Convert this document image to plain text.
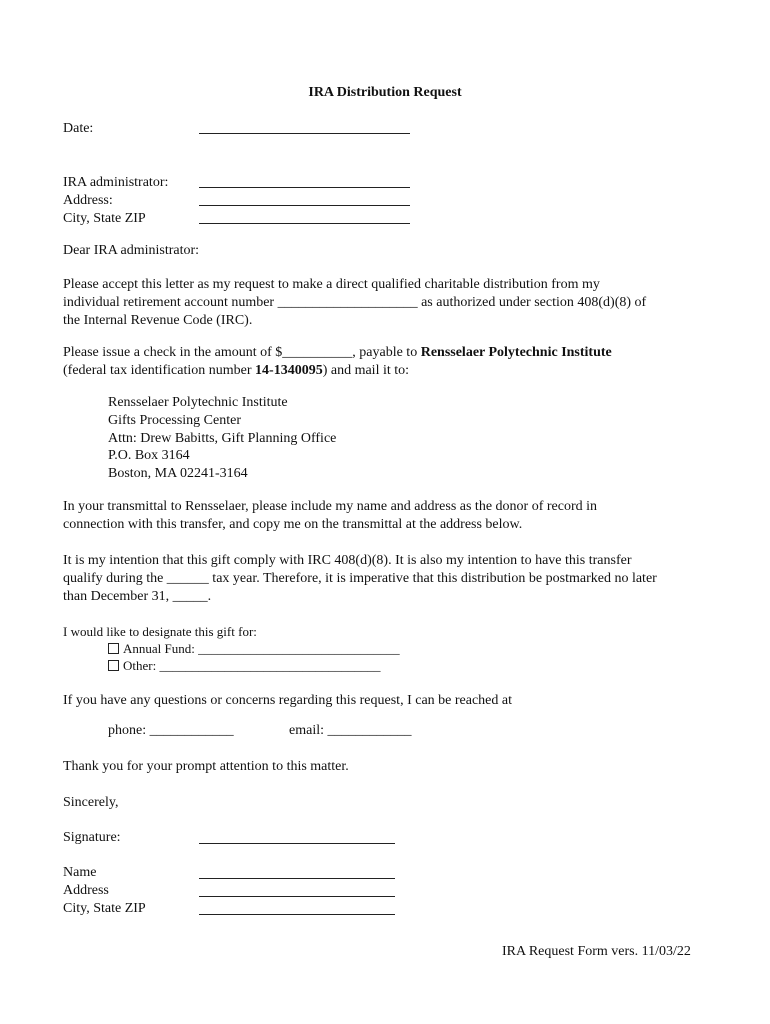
IRA Distribution Request
Date:
IRA administrator:
Address:
City, State ZIP
Dear IRA administrator:
Please accept this letter as my request to make a direct qualified charitable distribution from my
individual retirement account number ____________________ as authorized under section 408(d)(8) of
the Internal Revenue Code (IRC).
Please issue a check in the amount of $__________, payable to Rensselaer Polytechnic Institute
(federal tax identification number 14-1340095) and mail it to:
Rensselaer Polytechnic Institute
Gifts Processing Center
Attn: Drew Babitts, Gift Planning Office
P.O. Box 3164
Boston, MA 02241-3164
In your transmittal to Rensselaer, please include my name and address as the donor of record in
connection with this transfer, and copy me on the transmittal at the address below.
It is my intention that this gift comply with IRC 408(d)(8). It is also my intention to have this transfer
qualify during the ______ tax year. Therefore, it is imperative that this distribution be postmarked no later
than December 31, _____.
I would like to designate this gift for:
Annual Fund: _______________________________
Other: __________________________________
If you have any questions or concerns regarding this request, I can be reached at
phone: ____________	email: ____________
Thank you for your prompt attention to this matter.
Sincerely,
Signature:
Name
Address
City, State ZIP
IRA Request Form vers. 11/03/22
